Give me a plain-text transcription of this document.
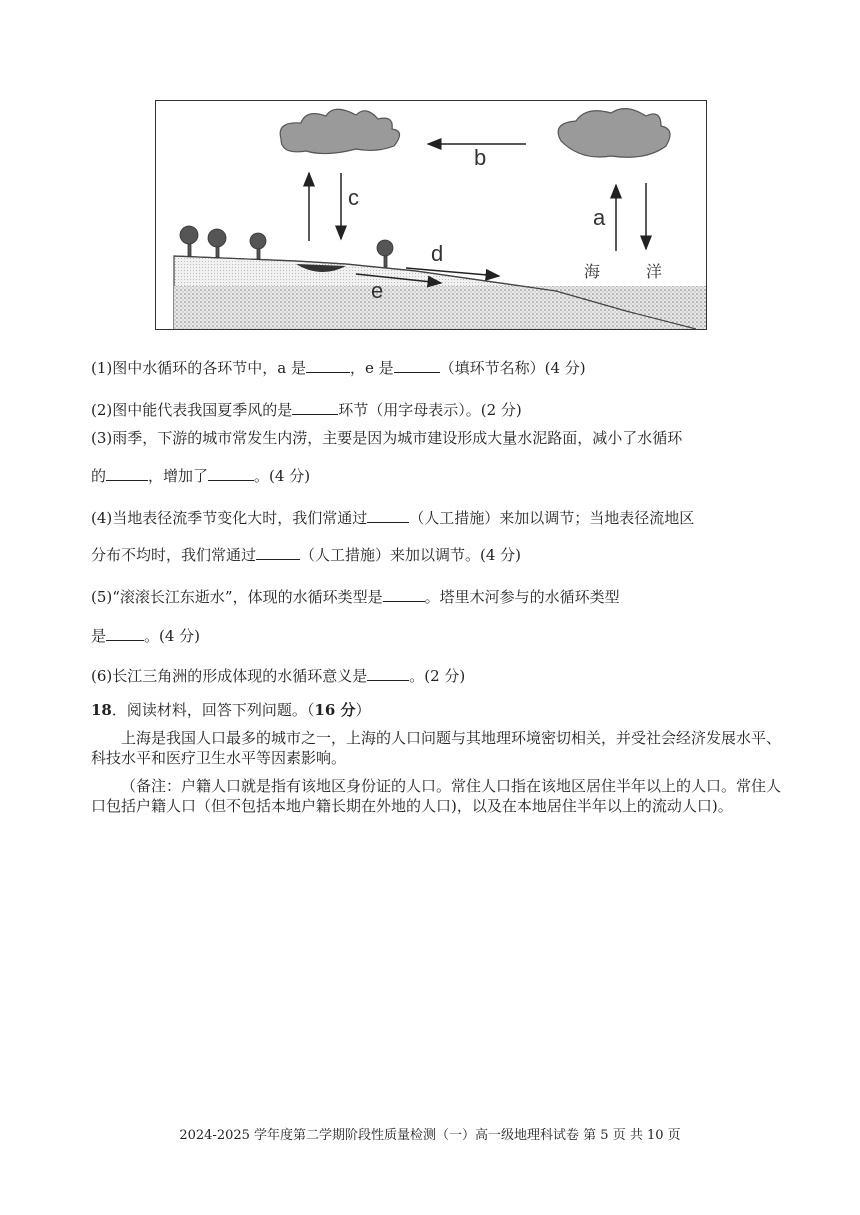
b
c
a
d
e
海	洋
(1)图中水循环的各环节中，a 是	，e 是	（填环节名称）(4 分)
(2)图中能代表我国夏季风的是	环节（用字母表示）。(2 分)
(3)雨季，下游的城市常发生内涝，主要是因为城市建设形成大量水泥路面，减小了水循环
的	，增加了	。(4 分)
(4)当地表径流季节变化大时，我们常通过	（人工措施）来加以调节；当地表径流地区
分布不均时，我们常通过	（人工措施）来加以调节。(4 分)
(5)“滚滚长江东逝水”，体现的水循环类型是	。塔里木河参与的水循环类型
是	。(4 分)
(6)长江三角洲的形成体现的水循环意义是	。(2 分)
18．阅读材料，回答下列问题。（16 分）
上海是我国人口最多的城市之一，上海的人口问题与其地理环境密切相关，并受社会经济发展水平、科技水平和医疗卫生水平等因素影响。
（备注：户籍人口就是指有该地区身份证的人口。常住人口指在该地区居住半年以上的人口。常住人口包括户籍人口（但不包括本地户籍长期在外地的人口)，以及在本地居住半年以上的流动人口)。
2024-2025 学年度第二学期阶段性质量检测（一）高一级地理科试卷 第 5 页 共 10 页
